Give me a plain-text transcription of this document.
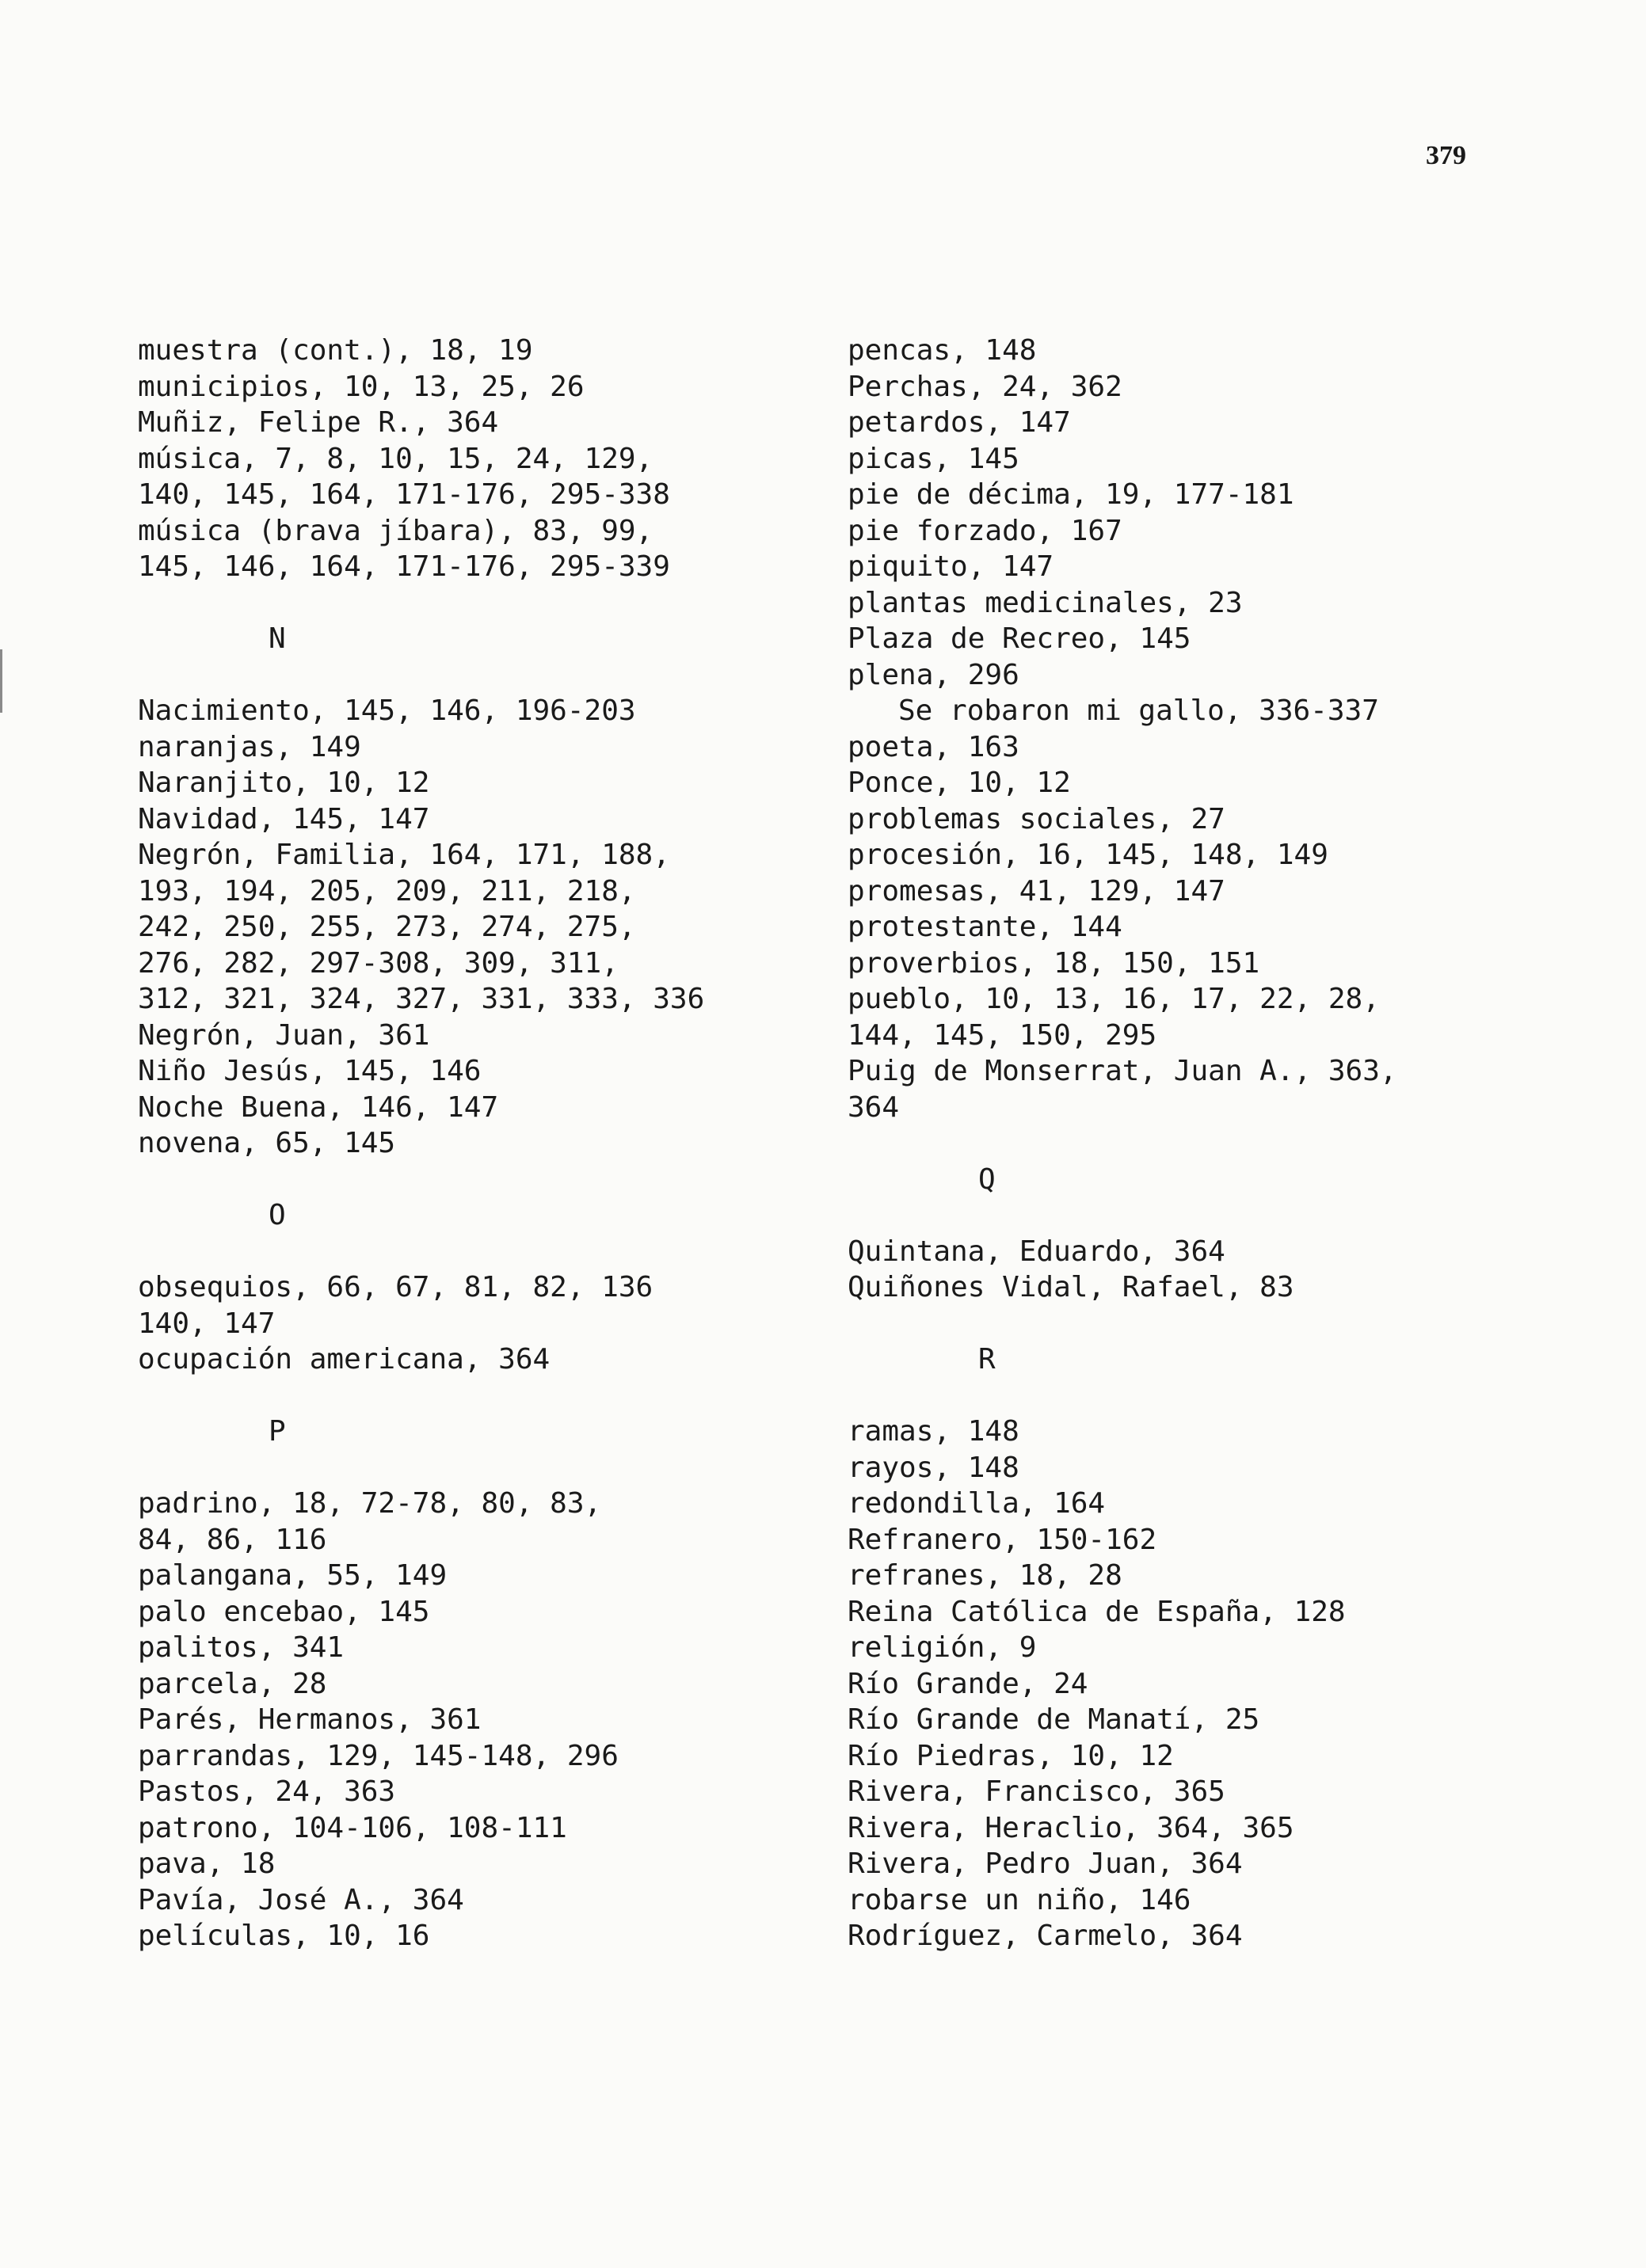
379
muestra (cont.), 18, 19
municipios, 10, 13, 25, 26
Muñiz, Felipe R., 364
música, 7, 8, 10, 15, 24, 129,
140, 145, 164, 171-176, 295-338
música (brava jíbara), 83, 99,
145, 146, 164, 171-176, 295-339
N
Nacimiento, 145, 146, 196-203
naranjas, 149
Naranjito, 10, 12
Navidad, 145, 147
Negrón, Familia, 164, 171, 188,
193, 194, 205, 209, 211, 218,
242, 250, 255, 273, 274, 275,
276, 282, 297-308, 309, 311,
312, 321, 324, 327, 331, 333, 336
Negrón, Juan, 361
Niño Jesús, 145, 146
Noche Buena, 146, 147
novena, 65, 145
O
obsequios, 66, 67, 81, 82, 136
140, 147
ocupación americana, 364
P
padrino, 18, 72-78, 80, 83,
84, 86, 116
palangana, 55, 149
palo encebao, 145
palitos, 341
parcela, 28
Parés, Hermanos, 361
parrandas, 129, 145-148, 296
Pastos, 24, 363
patrono, 104-106, 108-111
pava, 18
Pavía, José A., 364
películas, 10, 16
pencas, 148
Perchas, 24, 362
petardos, 147
picas, 145
pie de décima, 19, 177-181
pie forzado, 167
piquito, 147
plantas medicinales, 23
Plaza de Recreo, 145
plena, 296
Se robaron mi gallo, 336-337
poeta, 163
Ponce, 10, 12
problemas sociales, 27
procesión, 16, 145, 148, 149
promesas, 41, 129, 147
protestante, 144
proverbios, 18, 150, 151
pueblo, 10, 13, 16, 17, 22, 28,
144, 145, 150, 295
Puig de Monserrat, Juan A., 363,
364
Q
Quintana, Eduardo, 364
Quiñones Vidal, Rafael, 83
R
ramas, 148
rayos, 148
redondilla, 164
Refranero, 150-162
refranes, 18, 28
Reina Católica de España, 128
religión, 9
Río Grande, 24
Río Grande de Manatí, 25
Río Piedras, 10, 12
Rivera, Francisco, 365
Rivera, Heraclio, 364, 365
Rivera, Pedro Juan, 364
robarse un niño, 146
Rodríguez, Carmelo, 364
